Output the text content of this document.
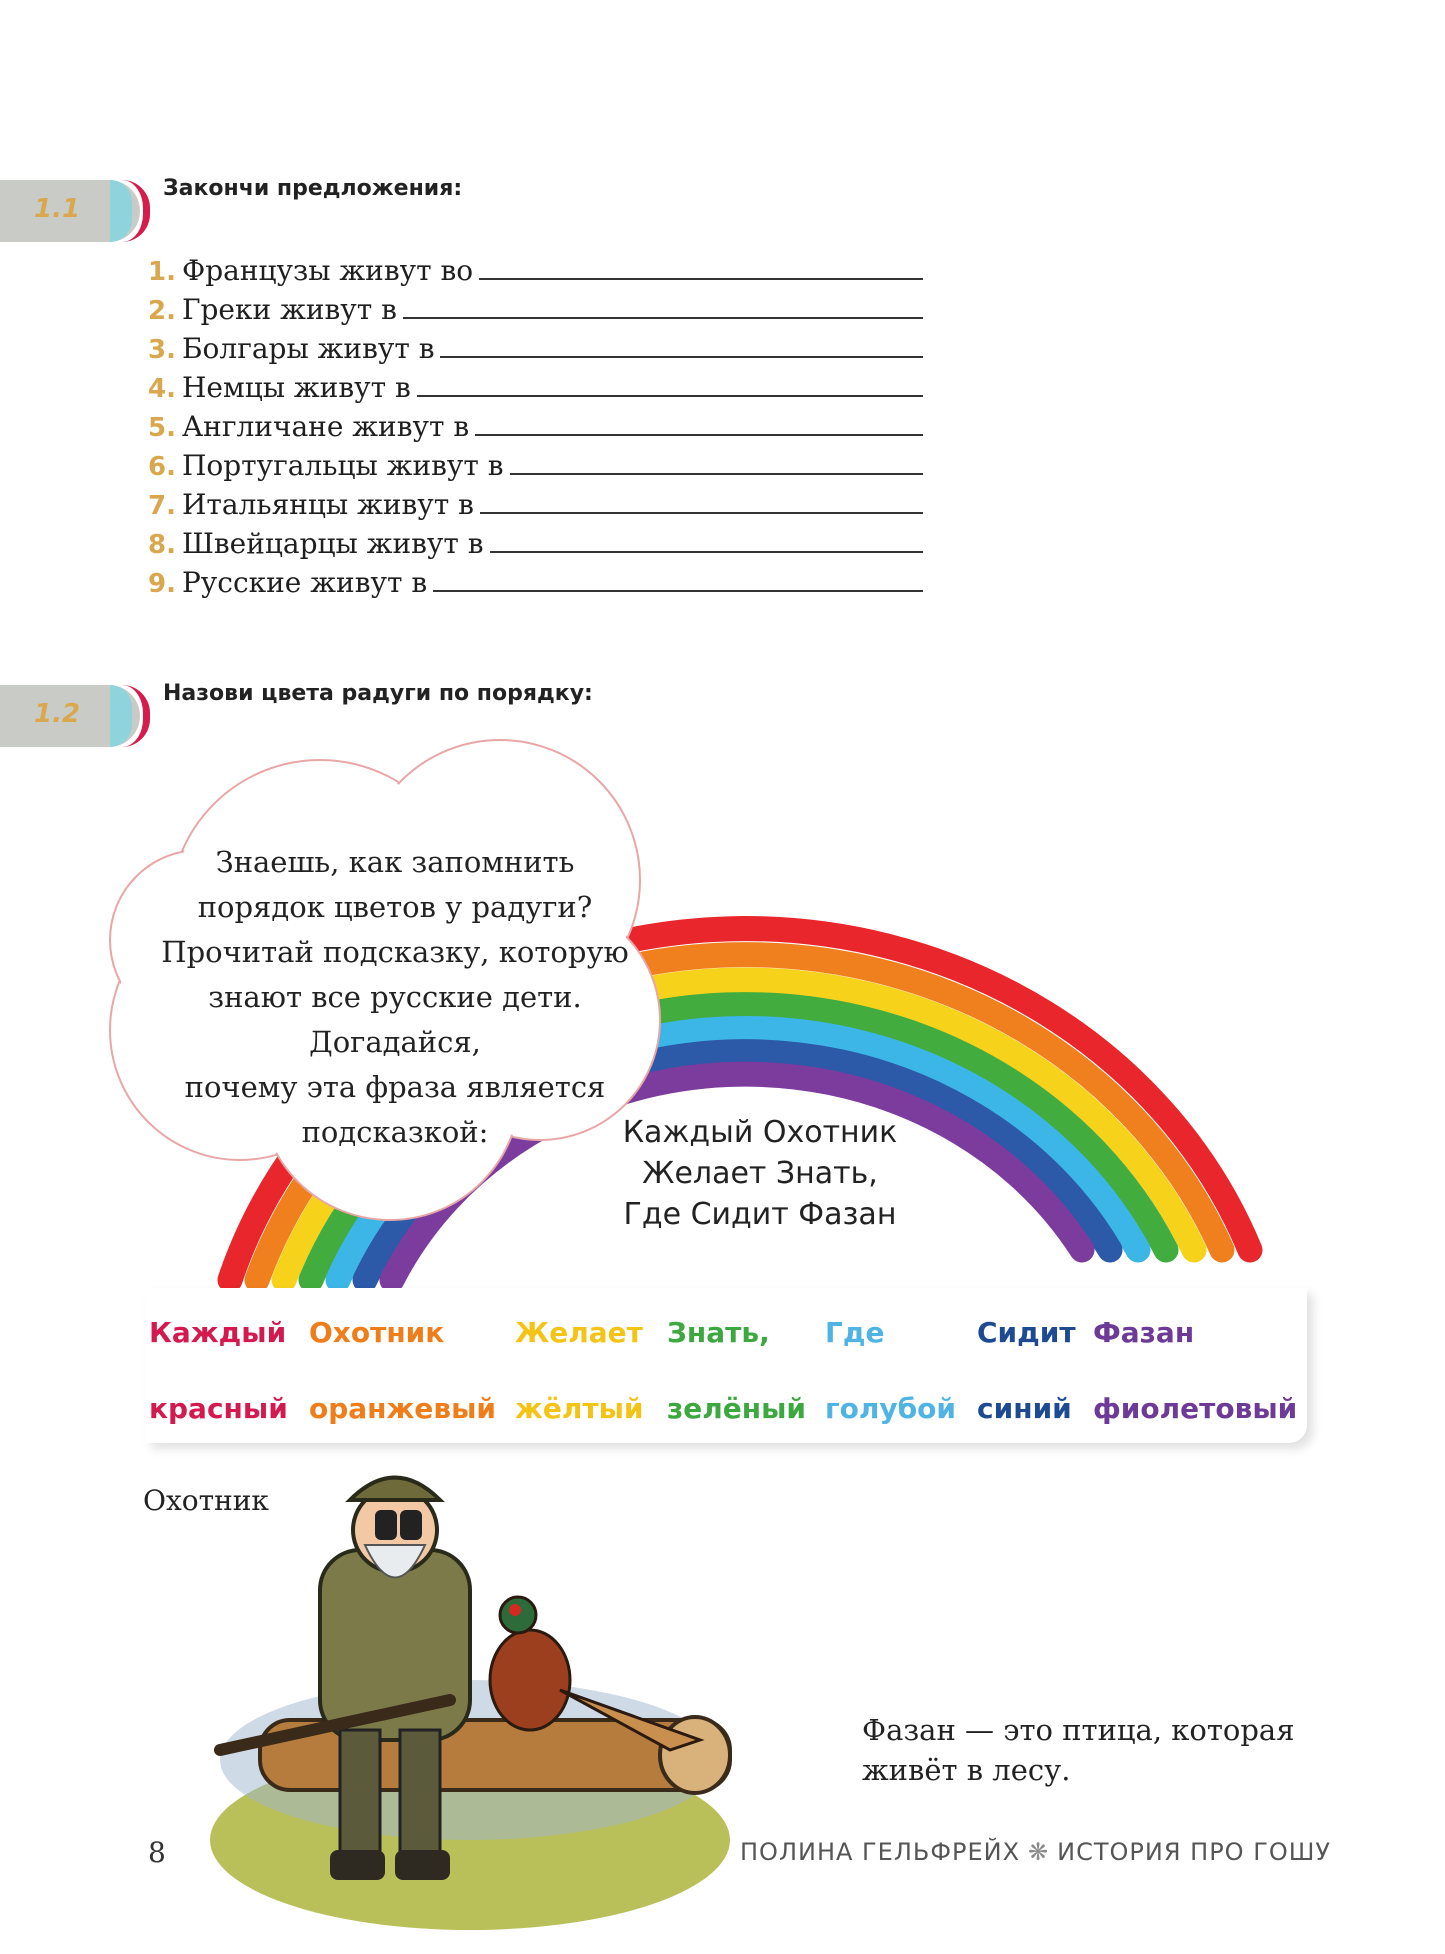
1.1
Закончи предложения:
1. Французы живут во
2. Греки живут в
3. Болгары живут в
4. Немцы живут в
5. Англичане живут в
6. Португальцы живут в
7. Итальянцы живут в
8. Швейцарцы живут в
9. Русские живут в
1.2
Назови цвета радуги по порядку:
Знаешь, как запомнить
порядок цветов у радуги?
Прочитай подсказку, которую
знают все русские дети. Догадайся,
почему эта фраза является
подсказкой:	Каждый Охотник
Желает Знать,
Где Сидит Фазан
Каждый
красный
Охотник
оранжевый
Желает
жёлтый
Знать,
зелёный
Где
голубой
Сидит
синий
Фазан
фиолетовый
Охотник
Фазан — это птица, которая
живёт в лесу.
8	ПОЛИНА ГЕЛЬФРЕЙХ ❋ ИСТОРИЯ ПРО ГОШУ
